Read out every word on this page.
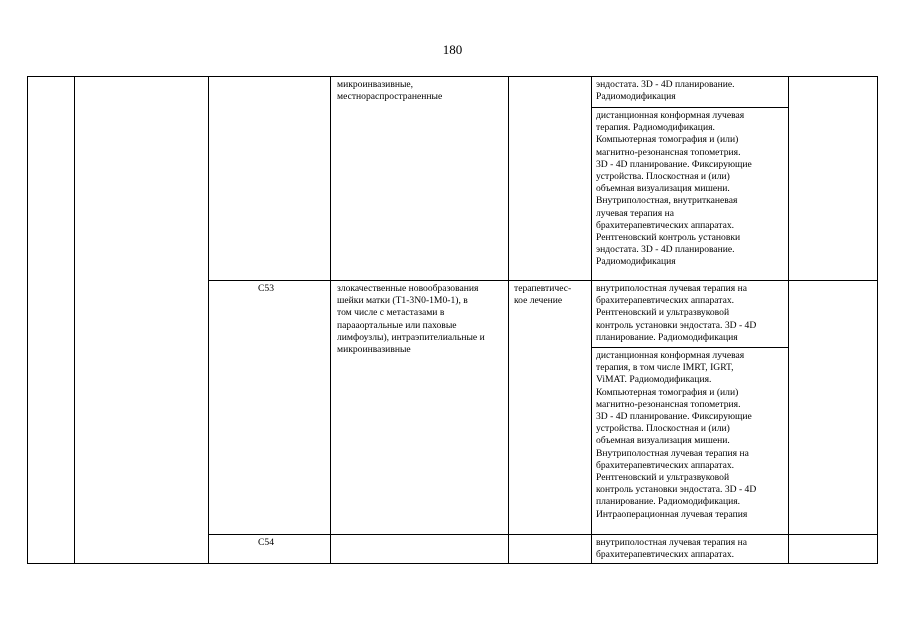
180
микроинвазивные,
местнораспространенные
эндостата. 3D - 4D планирование.
Радиомодификация
дистанционная конформная лучевая
терапия. Радиомодификация.
Компьютерная томография и (или)
магнитно-резонансная топометрия.
3D - 4D планирование. Фиксирующие
устройства. Плоскостная и (или)
объемная визуализация мишени.
Внутриполостная, внутритканевая
лучевая терапия на
брахитерапевтических аппаратах.
Рентгеновский контроль установки
эндостата. 3D - 4D планирование.
Радиомодификация
C53	злокачественные новообразования
шейки матки (T1-3N0-1M0-1), в
том числе с метастазами в
парааортальные или паховые
лимфоузлы), интраэпителиальные и
микроинвазивные
терапевтичес-
кое лечение
внутриполостная лучевая терапия на
брахитерапевтических аппаратах.
Рентгеновский и ультразвуковой
контроль установки эндостата. 3D - 4D
планирование. Радиомодификация
дистанционная конформная лучевая
терапия, в том числе IMRT, IGRT,
ViMAT. Радиомодификация.
Компьютерная томография и (или)
магнитно-резонансная топометрия.
3D - 4D планирование. Фиксирующие
устройства. Плоскостная и (или)
объемная визуализация мишени.
Внутриполостная лучевая терапия на
брахитерапевтических аппаратах.
Рентгеновский и ультразвуковой
контроль установки эндостата. 3D - 4D
планирование. Радиомодификация.
Интраоперационная лучевая терапия
C54	внутриполостная лучевая терапия на
брахитерапевтических аппаратах.
